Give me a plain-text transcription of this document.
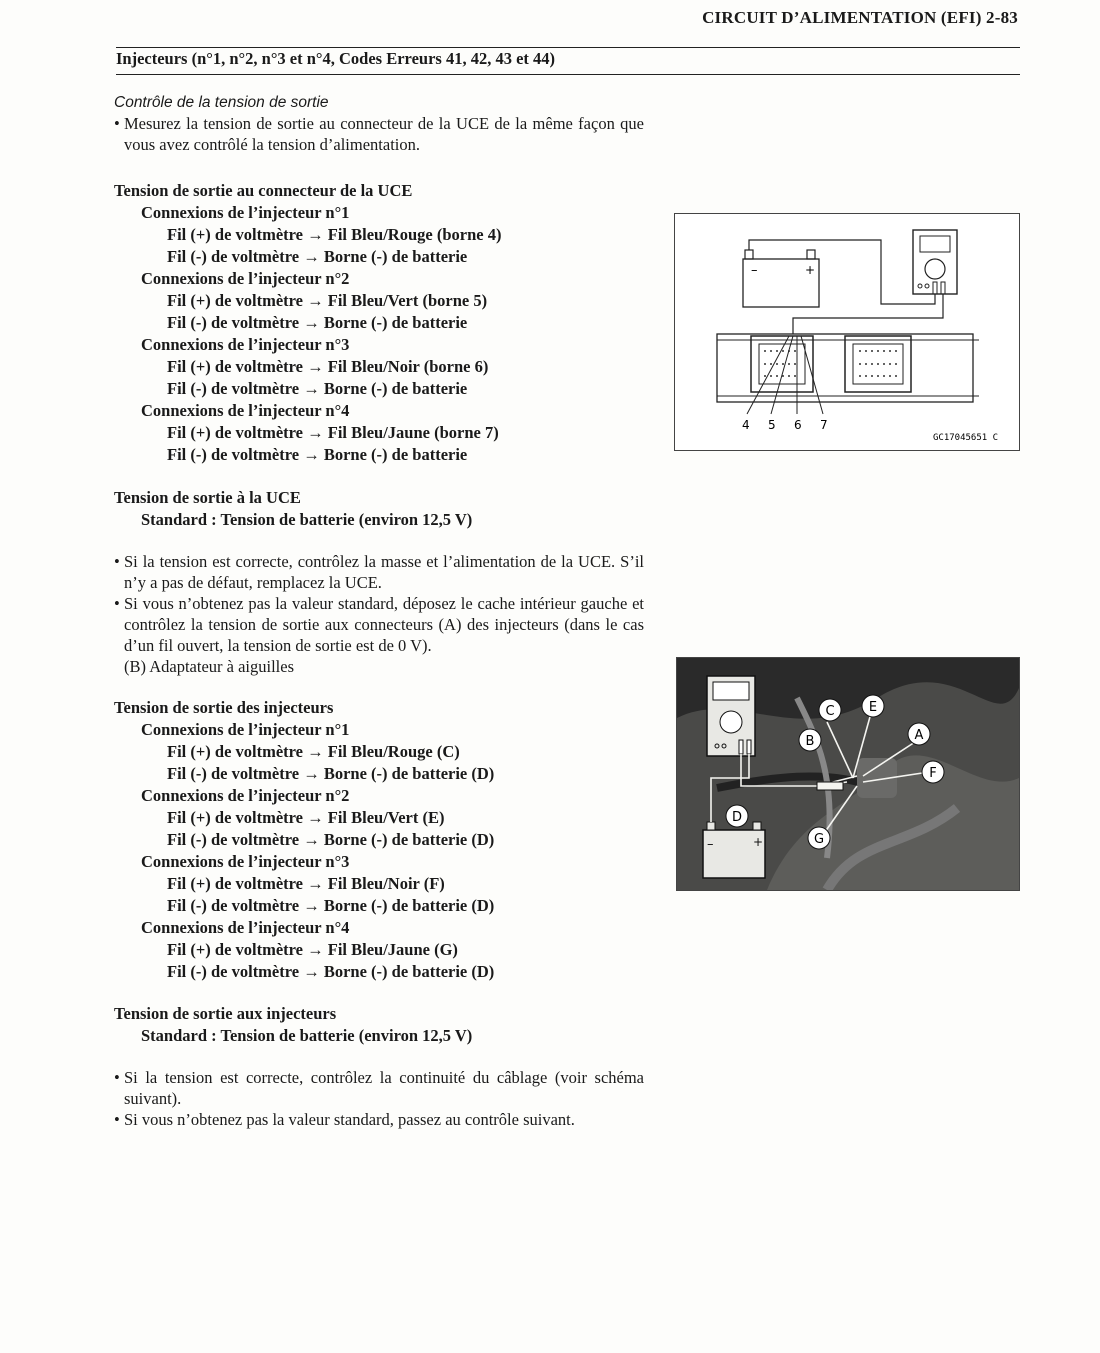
CIRCUIT D’ALIMENTATION (EFI) 2-83
Injecteurs (n°1, n°2, n°3 et n°4, Codes Erreurs 41, 42, 43 et 44)
Contrôle de la tension de sortie
• Mesurez la tension de sortie au connecteur de la UCE de la même façon que vous avez contrôlé la tension d’alimentation.
Tension de sortie au connecteur de la UCE
Connexions de l’injecteur n°1
Fil (+) de voltmètre → Fil Bleu/Rouge (borne 4)
Fil (-) de voltmètre → Borne (-) de batterie
Connexions de l’injecteur n°2
Fil (+) de voltmètre → Fil Bleu/Vert (borne 5)
Fil (-) de voltmètre → Borne (-) de batterie
Connexions de l’injecteur n°3
Fil (+) de voltmètre → Fil Bleu/Noir (borne 6)
Fil (-) de voltmètre → Borne (-) de batterie
Connexions de l’injecteur n°4
Fil (+) de voltmètre → Fil Bleu/Jaune (borne 7)
Fil (-) de voltmètre → Borne (-) de batterie
Tension de sortie à la UCE
Standard : Tension de batterie (environ 12,5 V)
• Si la tension est correcte, contrôlez la masse et l’alimentation de la UCE. S’il n’y a pas de défaut, remplacez la UCE.
• Si vous n’obtenez pas la valeur standard, déposez le cache intérieur gauche et contrôlez la tension de sortie aux connecteurs (A) des injecteurs (dans le cas d’un fil ouvert, la tension de sortie est de 0 V).
(B) Adaptateur à aiguilles
Tension de sortie des injecteurs
Connexions de l’injecteur n°1
Fil (+) de voltmètre → Fil Bleu/Rouge (C)
Fil (-) de voltmètre → Borne (-) de batterie (D)
Connexions de l’injecteur n°2
Fil (+) de voltmètre → Fil Bleu/Vert (E)
Fil (-) de voltmètre → Borne (-) de batterie (D)
Connexions de l’injecteur n°3
Fil (+) de voltmètre → Fil Bleu/Noir (F)
Fil (-) de voltmètre → Borne (-) de batterie (D)
Connexions de l’injecteur n°4
Fil (+) de voltmètre → Fil Bleu/Jaune (G)
Fil (-) de voltmètre → Borne (-) de batterie (D)
Tension de sortie aux injecteurs
Standard : Tension de batterie (environ 12,5 V)
• Si la tension est correcte, contrôlez la continuité du câblage (voir schéma suivant).
• Si vous n’obtenez pas la valeur standard, passez au contrôle suivant.
–	+
4 5 6 7
GC17045651 C
–	+
A
B
C
D
E
F
G
